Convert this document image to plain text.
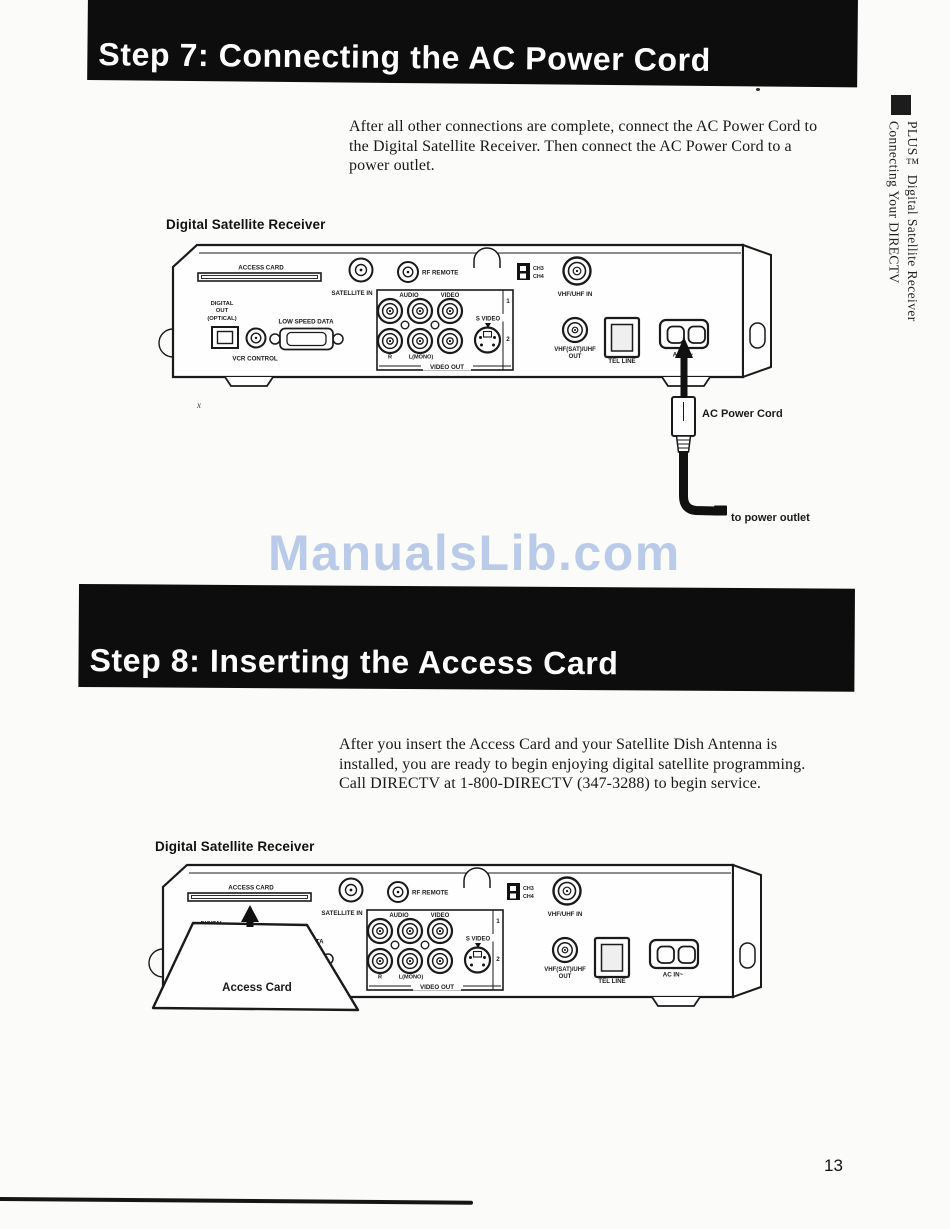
Step 7: Connecting the AC Power Cord
Connecting Your DIRECTV PLUS™ Digital Satellite Receiver
After all other connections are complete, connect the AC Power Cord to
the Digital Satellite Receiver. Then connect the AC Power Cord to a
power outlet.
Digital Satellite Receiver
AC Power Cord
to power outlet
ManualsLib.com
Step 8: Inserting the Access Card
After you insert the Access Card and your Satellite Dish Antenna is
installed, you are ready to begin enjoying digital satellite programming.
Call DIRECTV at 1-800-DIRECTV (347-3288) to begin service.
Digital Satellite Receiver
Access Card
13
x
